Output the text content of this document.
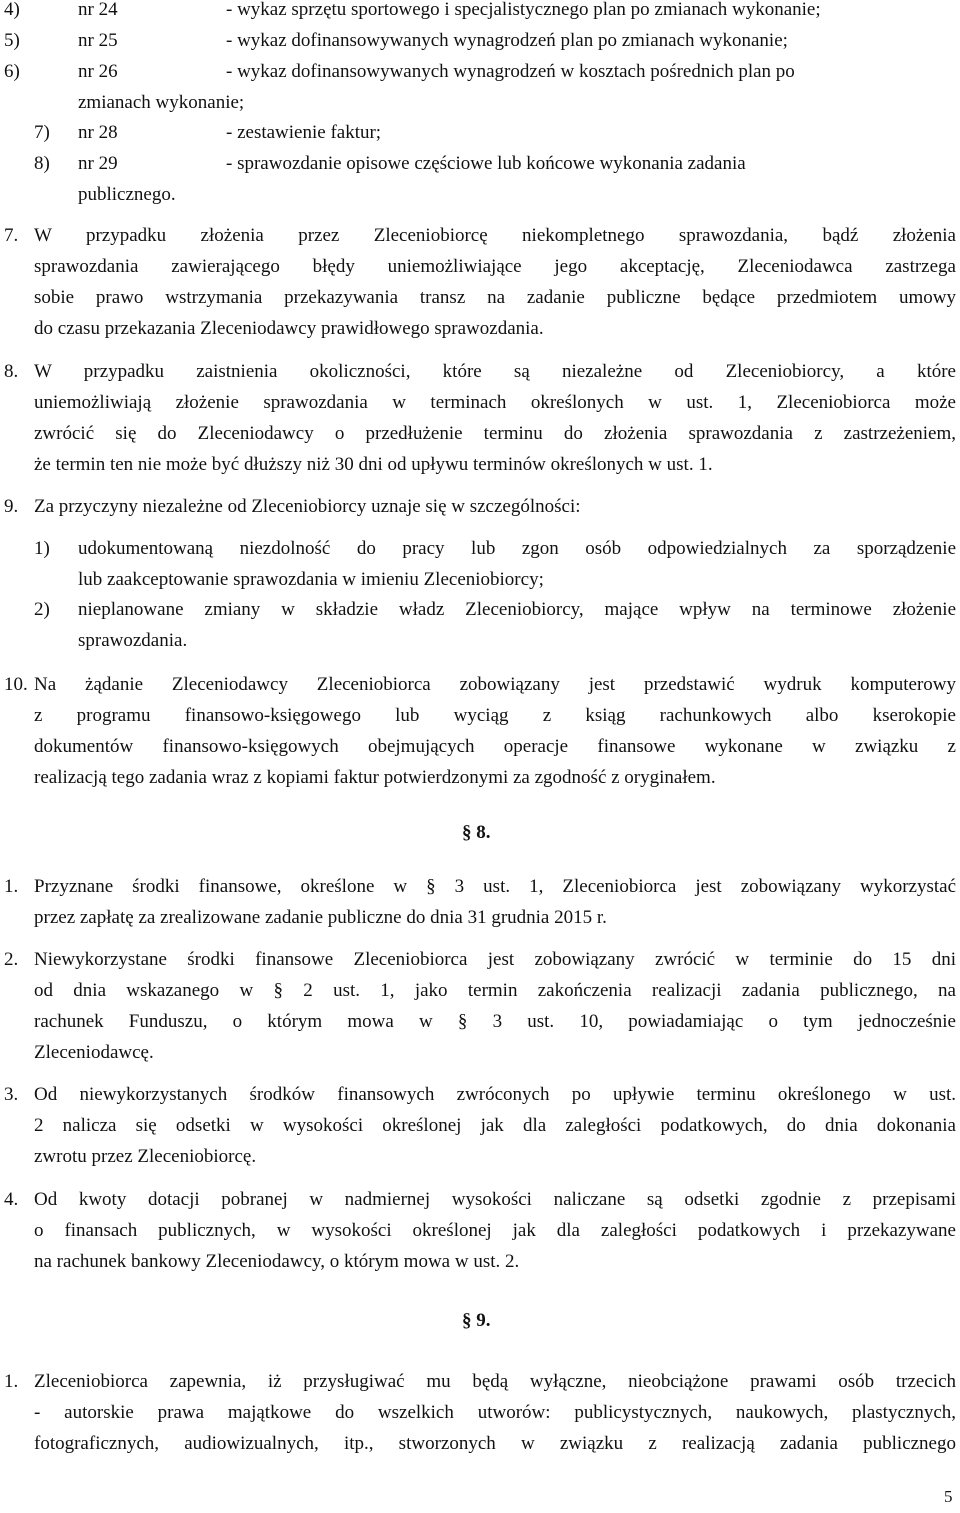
4)	nr 24	- wykaz sprzętu sportowego i specjalistycznego plan po zmianach wykonanie;
5)	nr 25	- wykaz dofinansowywanych wynagrodzeń plan po zmianach wykonanie;
6)	nr 26	- wykaz dofinansowywanych wynagrodzeń w kosztach pośrednich plan po
zmianach wykonanie;
7) nr 28	- zestawienie faktur;
8) nr 29	- sprawozdanie opisowe częściowe lub końcowe wykonania zadania
publicznego.
7. W przypadku złożenia przez Zleceniobiorcę niekompletnego sprawozdania, bądź złożenia
sprawozdania zawierającego błędy uniemożliwiające jego akceptację, Zleceniodawca zastrzega
sobie prawo wstrzymania przekazywania transz na zadanie publiczne będące przedmiotem umowy
do czasu przekazania Zleceniodawcy prawidłowego sprawozdania.
8. W przypadku zaistnienia okoliczności, które są niezależne od Zleceniobiorcy, a które
uniemożliwiają złożenie sprawozdania w terminach określonych w ust. 1, Zleceniobiorca może
zwrócić się do Zleceniodawcy o przedłużenie terminu do złożenia sprawozdania z zastrzeżeniem,
że termin ten nie może być dłuższy niż 30 dni od upływu terminów określonych w ust. 1.
9. Za przyczyny niezależne od Zleceniobiorcy uznaje się w szczególności:
1) udokumentowaną niezdolność do pracy lub zgon osób odpowiedzialnych za sporządzenie
lub zaakceptowanie sprawozdania w imieniu Zleceniobiorcy;
2) nieplanowane zmiany w składzie władz Zleceniobiorcy, mające wpływ na terminowe złożenie
sprawozdania.
10. Na żądanie Zleceniodawcy Zleceniobiorca zobowiązany jest przedstawić wydruk komputerowy
z programu finansowo-księgowego lub wyciąg z ksiąg rachunkowych albo kserokopie
dokumentów finansowo-księgowych obejmujących operacje finansowe wykonane w związku z
realizacją tego zadania wraz z kopiami faktur potwierdzonymi za zgodność z oryginałem.
§ 8.
1. Przyznane środki finansowe, określone w § 3 ust. 1, Zleceniobiorca jest zobowiązany wykorzystać
przez zapłatę za zrealizowane zadanie publiczne do dnia 31 grudnia 2015 r.
2. Niewykorzystane środki finansowe Zleceniobiorca jest zobowiązany zwrócić w terminie do 15 dni
od dnia wskazanego w § 2 ust. 1, jako termin zakończenia realizacji zadania publicznego, na
rachunek Funduszu, o którym mowa w § 3 ust. 10, powiadamiając o tym jednocześnie
Zleceniodawcę.
3. Od niewykorzystanych środków finansowych zwróconych po upływie terminu określonego w ust.
2 nalicza się odsetki w wysokości określonej jak dla zaległości podatkowych, do dnia dokonania
zwrotu przez Zleceniobiorcę.
4. Od kwoty dotacji pobranej w nadmiernej wysokości naliczane są odsetki zgodnie z przepisami
o finansach publicznych, w wysokości określonej jak dla zaległości podatkowych i przekazywane
na rachunek bankowy Zleceniodawcy, o którym mowa w ust. 2.
§ 9.
1. Zleceniobiorca zapewnia, iż przysługiwać mu będą wyłączne, nieobciążone prawami osób trzecich
- autorskie prawa majątkowe do wszelkich utworów: publicystycznych, naukowych, plastycznych,
fotograficznych, audiowizualnych, itp., stworzonych w związku z realizacją zadania publicznego
5
